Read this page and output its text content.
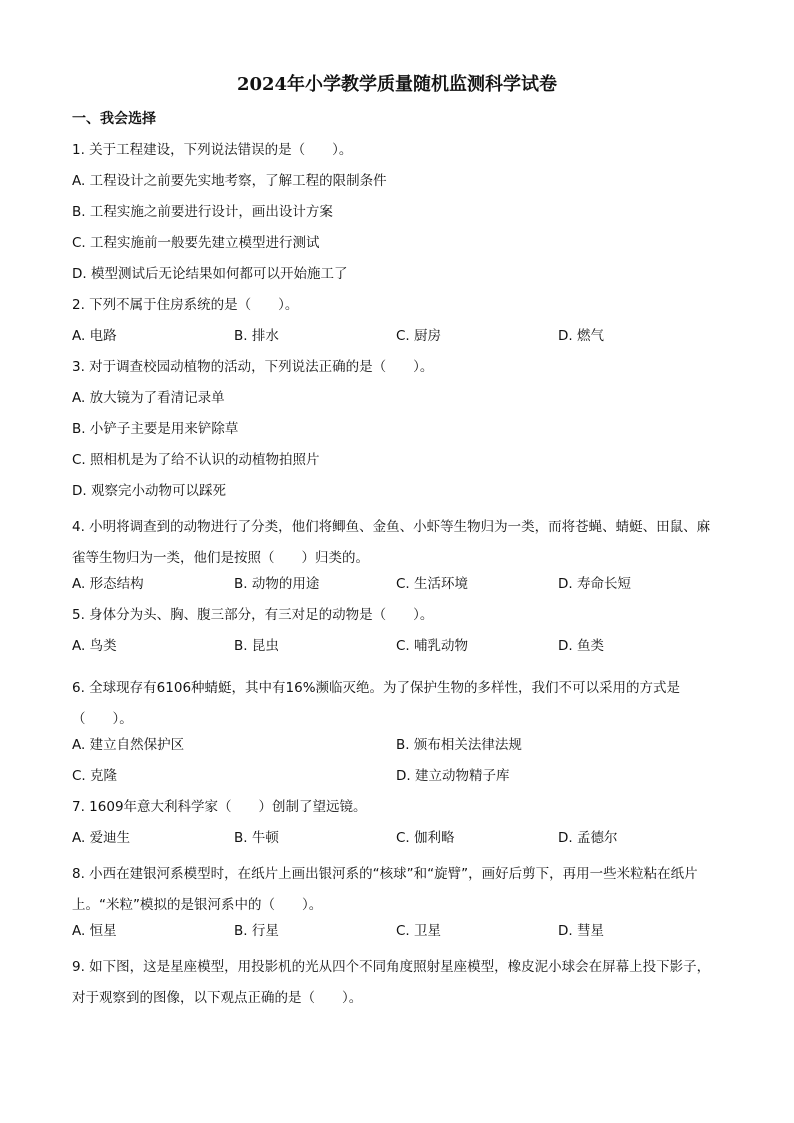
2024年小学教学质量随机监测科学试卷
一、我会选择
1. 关于工程建设，下列说法错误的是（　　）。
A. 工程设计之前要先实地考察，了解工程的限制条件
B. 工程实施之前要进行设计，画出设计方案
C. 工程实施前一般要先建立模型进行测试
D. 模型测试后无论结果如何都可以开始施工了
2. 下列不属于住房系统的是（　　）。
A. 电路	B. 排水	C. 厨房	D. 燃气
3. 对于调查校园动植物的活动，下列说法正确的是（　　）。
A. 放大镜为了看清记录单
B. 小铲子主要是用来铲除草
C. 照相机是为了给不认识的动植物拍照片
D. 观察完小动物可以踩死
4. 小明将调查到的动物进行了分类，他们将鲫鱼、金鱼、小虾等生物归为一类，而将苍蝇、蜻蜓、田鼠、麻雀等生物归为一类，他们是按照（　　）归类的。
A. 形态结构	B. 动物的用途	C. 生活环境	D. 寿命长短
5. 身体分为头、胸、腹三部分，有三对足的动物是（　　）。
A. 鸟类	B. 昆虫	C. 哺乳动物	D. 鱼类
6. 全球现存有6106种蜻蜓，其中有16%濒临灭绝。为了保护生物的多样性，我们不可以采用的方式是（　　）。
A. 建立自然保护区	B. 颁布相关法律法规
C. 克隆	D. 建立动物精子库
7. 1609年意大利科学家（　　）创制了望远镜。
A. 爱迪生	B. 牛顿	C. 伽利略	D. 孟德尔
8. 小西在建银河系模型时，在纸片上画出银河系的“核球”和“旋臂”，画好后剪下，再用一些米粒粘在纸片上。“米粒”模拟的是银河系中的（　　）。
A. 恒星	B. 行星	C. 卫星	D. 彗星
9. 如下图，这是星座模型，用投影机的光从四个不同角度照射星座模型，橡皮泥小球会在屏幕上投下影子，对于观察到的图像，以下观点正确的是（　　）。
